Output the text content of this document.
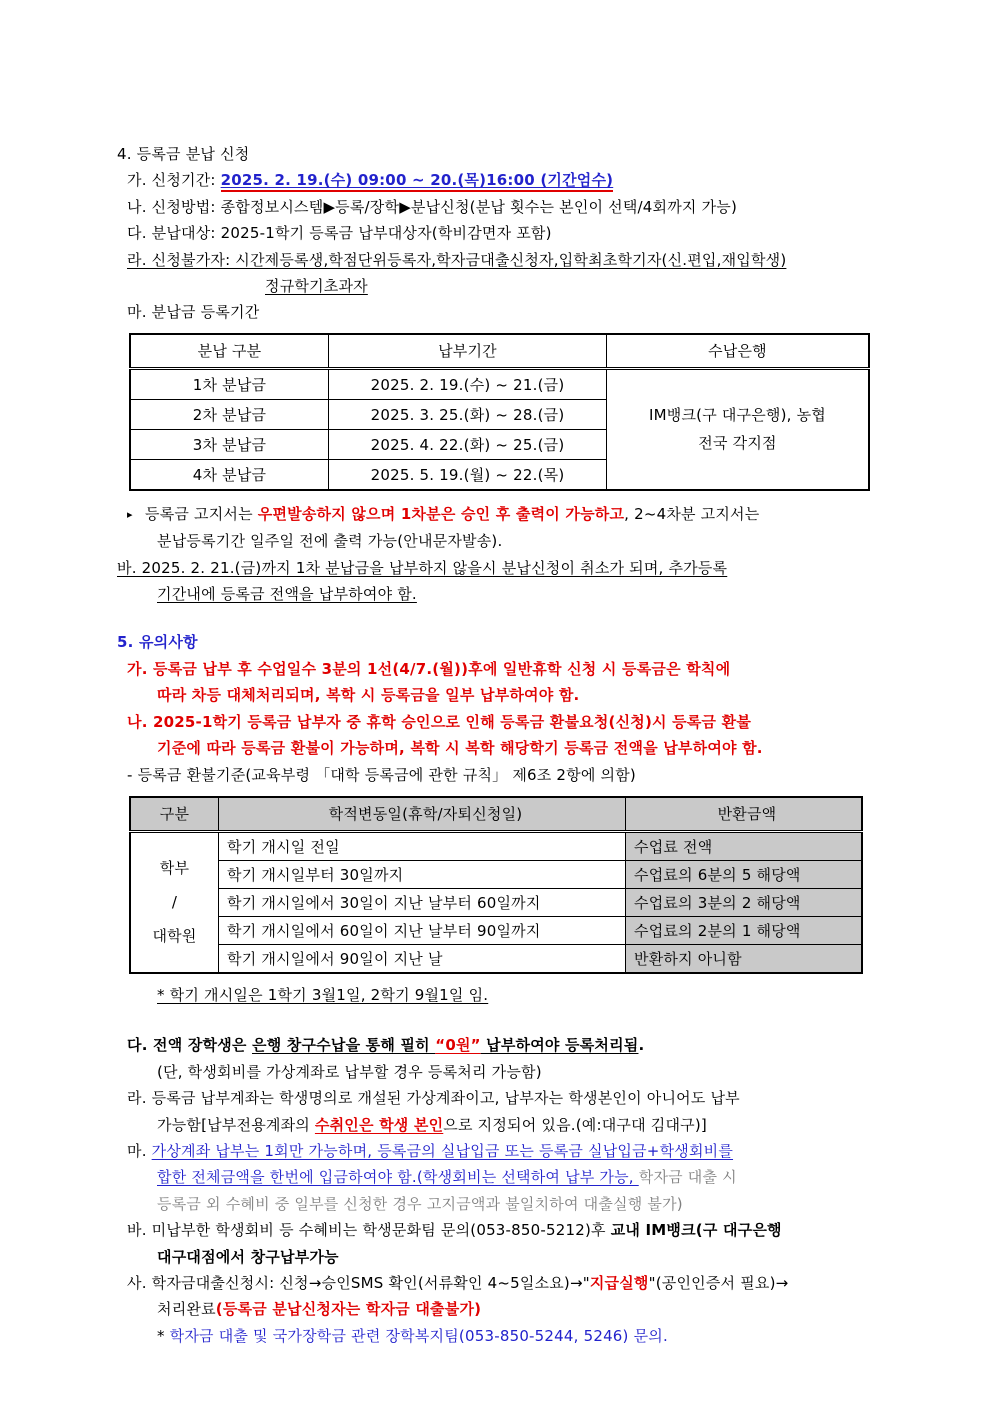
4. 등록금 분납 신청
가. 신청기간: 2025. 2. 19.(수) 09:00 ~ 20.(목)16:00 (기간엄수)
나. 신청방법: 종합정보시스템▶등록/장학▶분납신청(분납 횟수는 본인이 선택/4회까지 가능)
다. 분납대상: 2025-1학기 등록금 납부대상자(학비감면자 포함)
라. 신청불가자: 시간제등록생,학점단위등록자,학자금대출신청자,입학최초학기자(신.편입,재입학생)
정규학기초과자
마. 분납금 등록기간
분납 구분	납부기간	수납은행
1차 분납금	2025. 2. 19.(수) ~ 21.(금)	IM뱅크(구 대구은행), 농협
전국 각지점

2차 분납금	2025. 3. 25.(화) ~ 28.(금)	
3차 분납금	2025. 4. 22.(화) ~ 25.(금)	
4차 분납금	2025. 5. 19.(월) ~ 22.(목)	
▸ 등록금 고지서는 우편발송하지 않으며 1차분은 승인 후 출력이 가능하고, 2~4차분 고지서는
분납등록기간 일주일 전에 출력 가능(안내문자발송).
바. 2025. 2. 21.(금)까지 1차 분납금을 납부하지 않을시 분납신청이 취소가 되며, 추가등록
기간내에 등록금 전액을 납부하여야 함.
5. 유의사항
가. 등록금 납부 후 수업일수 3분의 1선(4/7.(월))후에 일반휴학 신청 시 등록금은 학칙에
따라 차등 대체처리되며, 복학 시 등록금을 일부 납부하여야 함.
나. 2025-1학기 등록금 납부자 중 휴학 승인으로 인해 등록금 환불요청(신청)시 등록금 환불
기준에 따라 등록금 환불이 가능하며, 복학 시 복학 해당학기 등록금 전액을 납부하여야 함.
- 등록금 환불기준(교육부령 「대학 등록금에 관한 규칙」 제6조 2항에 의함)
구분	학적변동일(휴학/자퇴신청일)	반환금액

학부
/
대학원	학기 개시일 전일	수업료 전액
	학기 개시일부터 30일까지	수업료의 6분의 5 해당액
	학기 개시일에서 30일이 지난 날부터 60일까지	수업료의 3분의 2 해당액
	학기 개시일에서 60일이 지난 날부터 90일까지	수업료의 2분의 1 해당액
	학기 개시일에서 90일이 지난 날	반환하지 아니함
* 학기 개시일은 1학기 3월1일, 2학기 9월1일 임.
다. 전액 장학생은 은행 창구수납을 통해 필히 “0원” 납부하여야 등록처리됨.
(단, 학생회비를 가상계좌로 납부할 경우 등록처리 가능함)
라. 등록금 납부계좌는 학생명의로 개설된 가상계좌이고, 납부자는 학생본인이 아니어도 납부
가능함[납부전용계좌의 수취인은 학생 본인으로 지정되어 있음.(예:대구대 김대구)]
마. 가상계좌 납부는 1회만 가능하며, 등록금의 실납입금 또는 등록금 실납입금+학생회비를
합한 전체금액을 한번에 입금하여야 함.(학생회비는 선택하여 납부 가능, 학자금 대출 시
등록금 외 수혜비 중 일부를 신청한 경우 고지금액과 불일치하여 대출실행 불가)
바. 미납부한 학생회비 등 수혜비는 학생문화팀 문의(053-850-5212)후 교내 IM뱅크(구 대구은행
대구대점에서 창구납부가능
사. 학자금대출신청시: 신청→승인SMS 확인(서류확인 4~5일소요)→"지급실행"(공인인증서 필요)→
처리완료(등록금 분납신청자는 학자금 대출불가)
* 학자금 대출 및 국가장학금 관련 장학복지팀(053-850-5244, 5246) 문의.
